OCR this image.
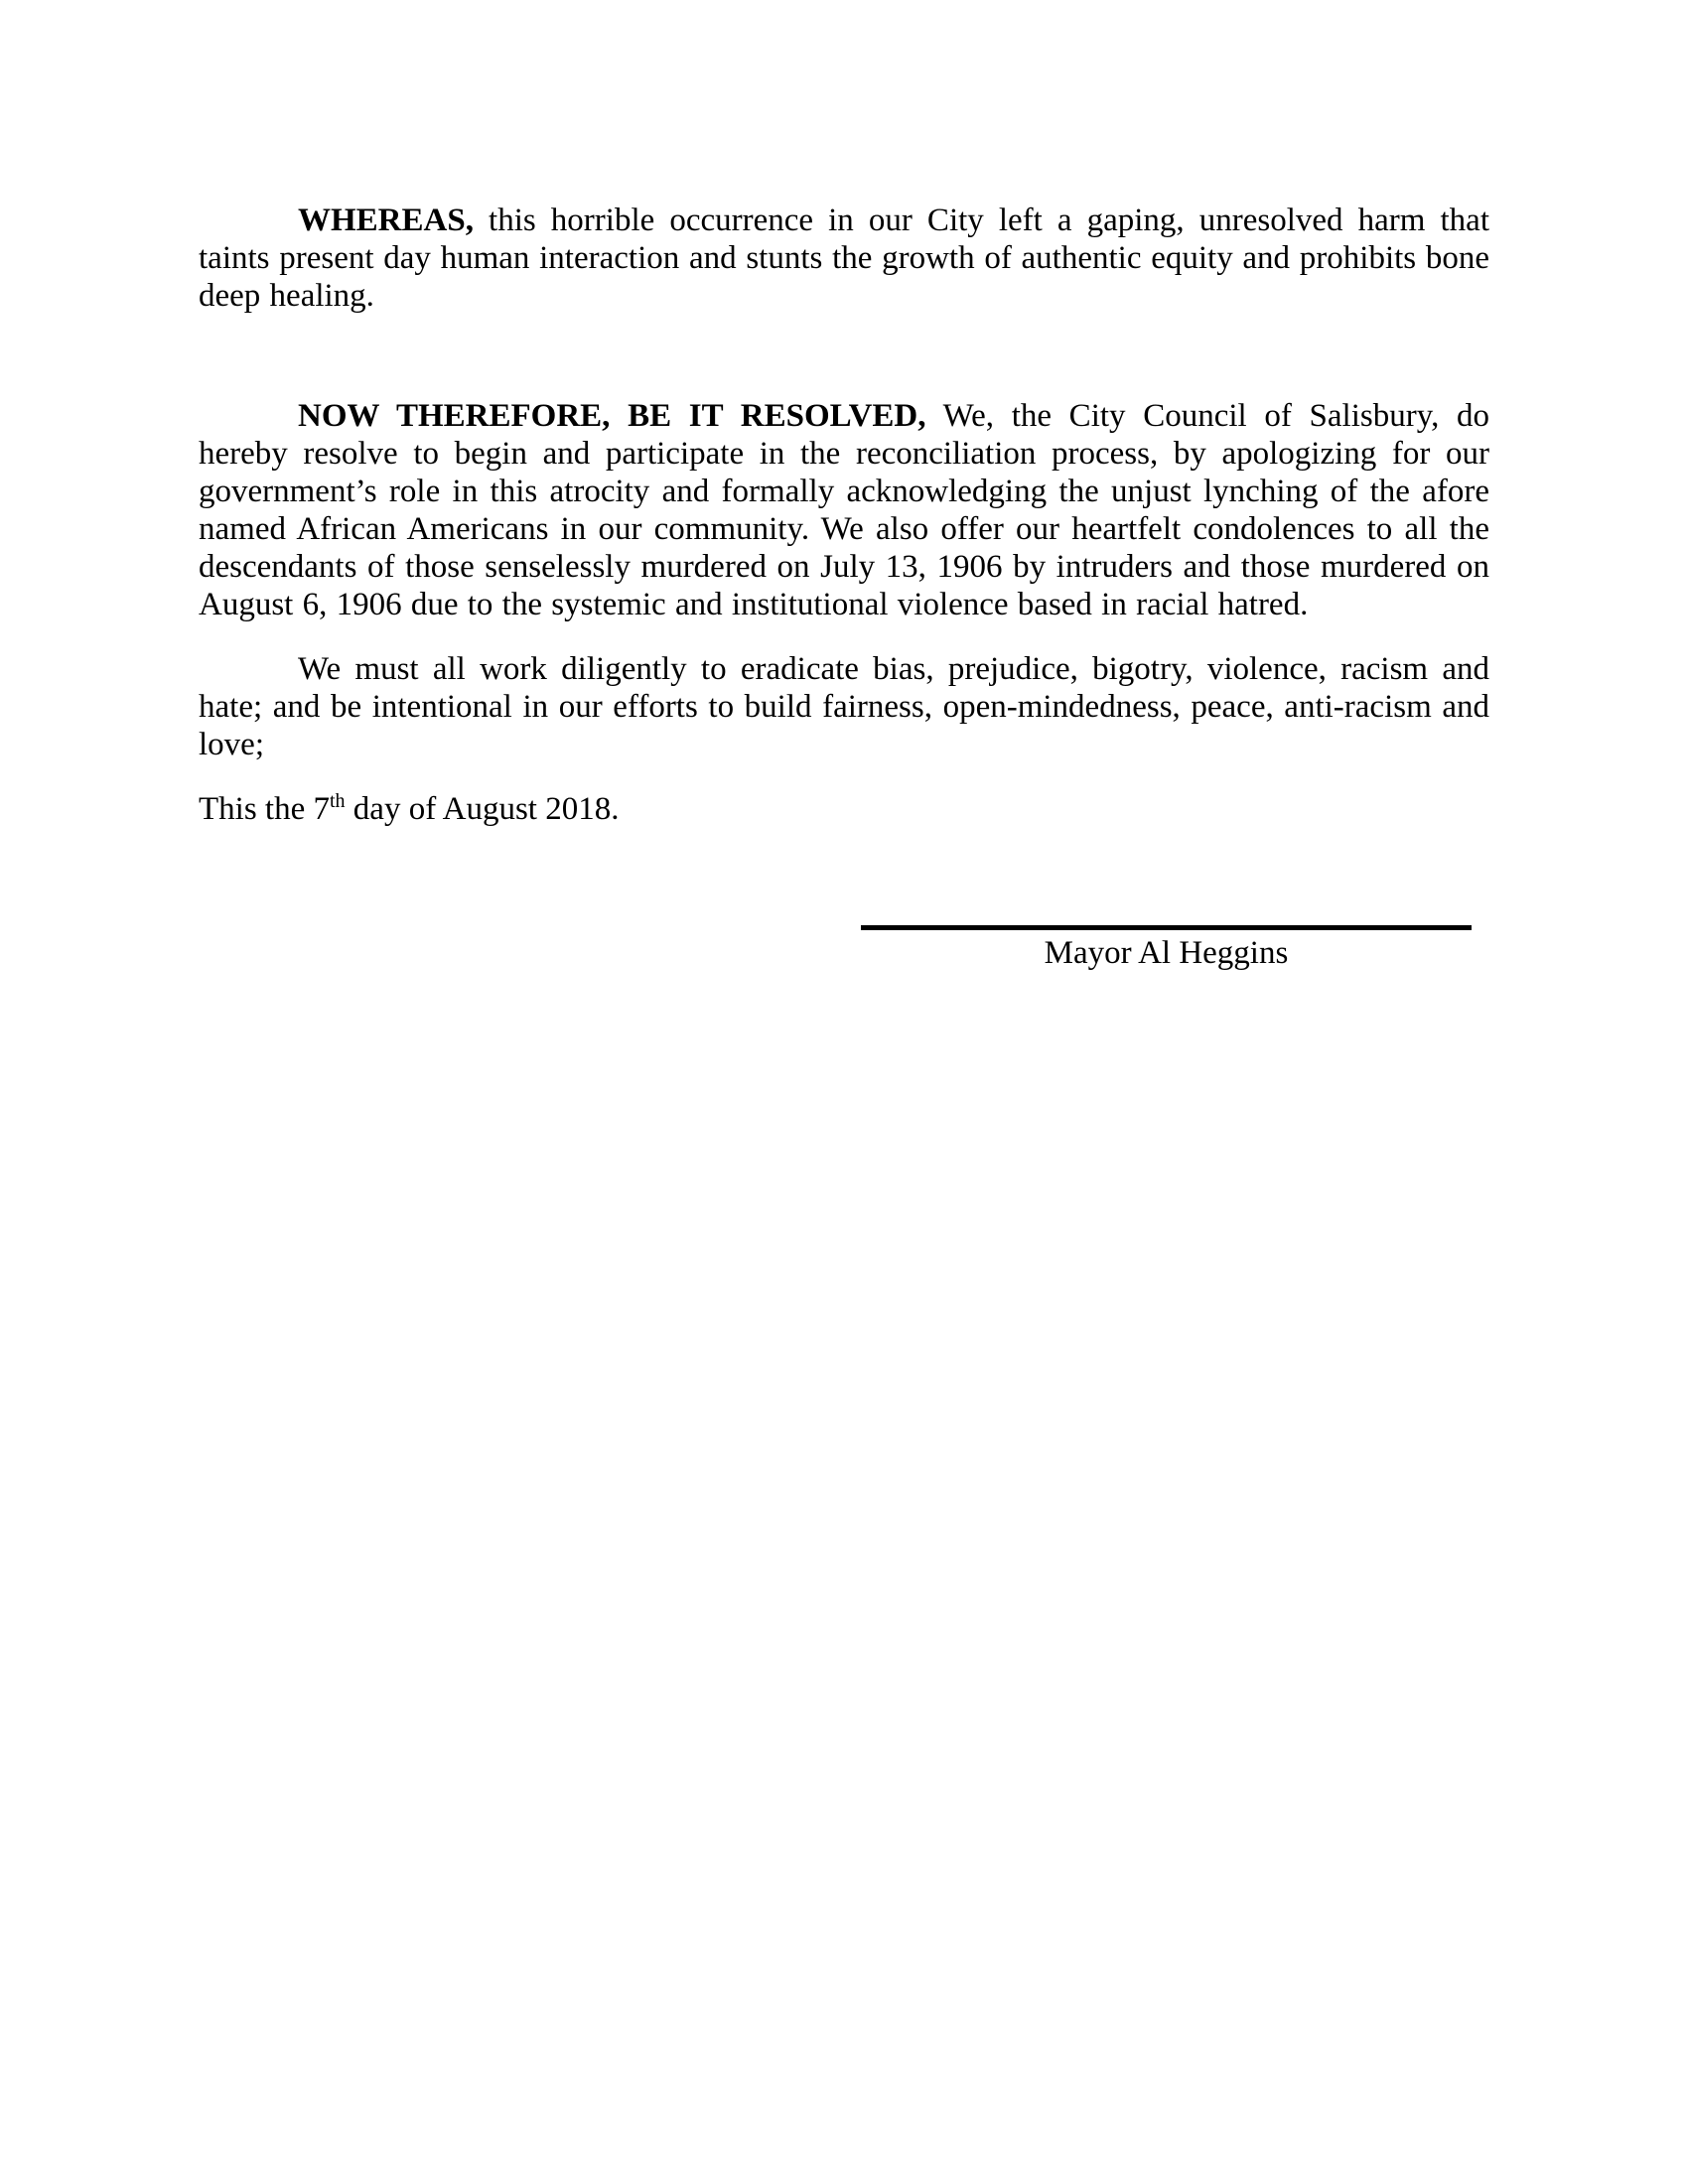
WHEREAS, this horrible occurrence in our City left a gaping, unresolved harm that taints present day human interaction and stunts the growth of authentic equity and prohibits bone deep healing.

NOW THEREFORE, BE IT RESOLVED, We, the City Council of Salisbury, do hereby resolve to begin and participate in the reconciliation process, by apologizing for our government’s role in this atrocity and formally acknowledging the unjust lynching of the afore named African Americans in our community. We also offer our heartfelt condolences to all the descendants of those senselessly murdered on July 13, 1906 by intruders and those murdered on August 6, 1906 due to the systemic and institutional violence based in racial hatred.

We must all work diligently to eradicate bias, prejudice, bigotry, violence, racism and hate; and be intentional in our efforts to build fairness, open-mindedness, peace, anti-racism and love;

This the 7th day of August 2018.

Mayor Al Heggins
